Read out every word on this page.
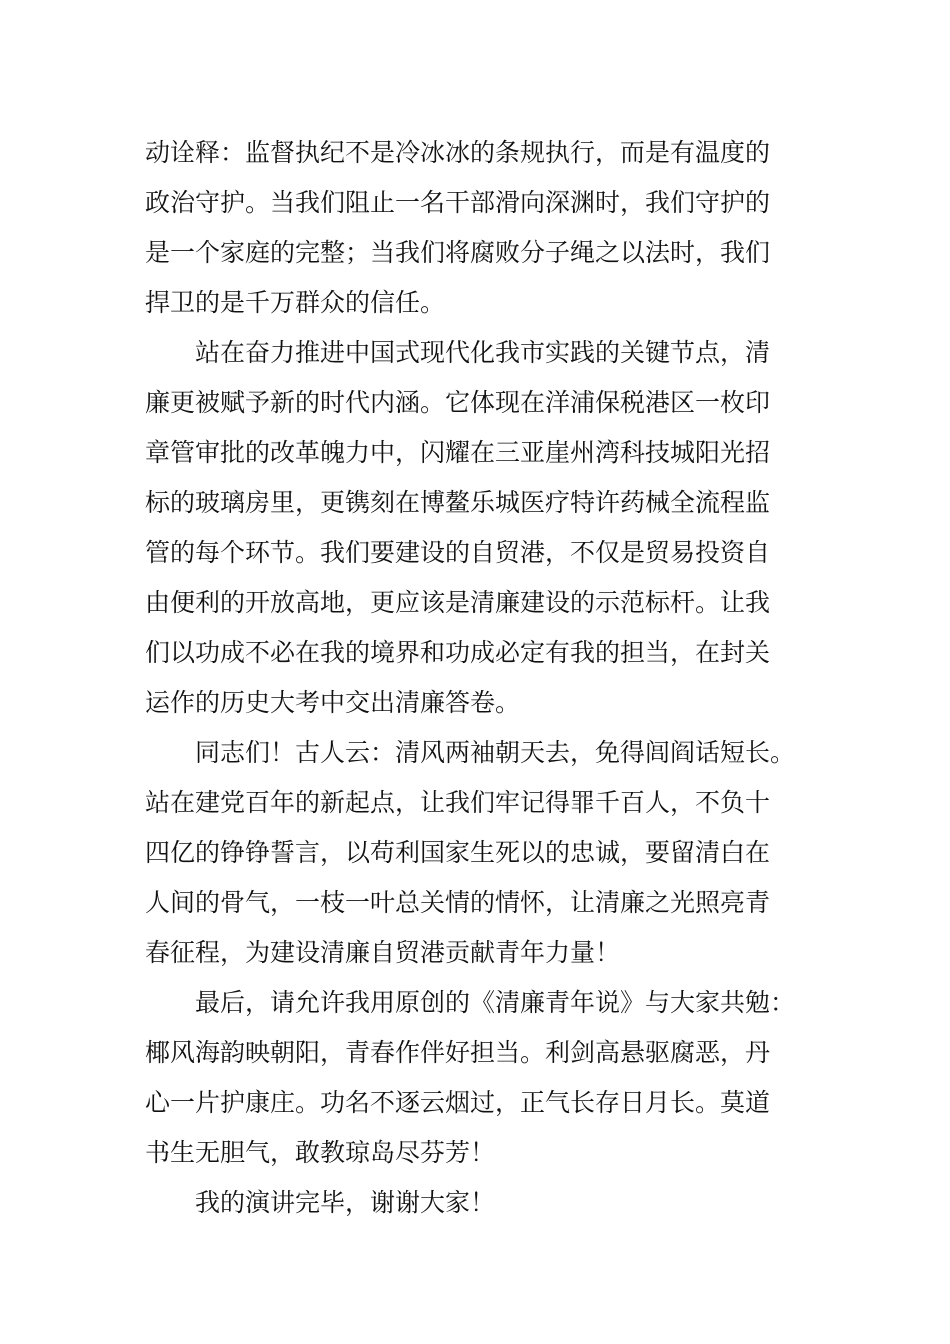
动诠释：监督执纪不是冷冰冰的条规执行，而是有温度的
政治守护。当我们阻止一名干部滑向深渊时，我们守护的
是一个家庭的完整；当我们将腐败分子绳之以法时，我们
捍卫的是千万群众的信任。

站在奋力推进中国式现代化我市实践的关键节点，清
廉更被赋予新的时代内涵。它体现在洋浦保税港区一枚印
章管审批的改革魄力中，闪耀在三亚崖州湾科技城阳光招
标的玻璃房里，更镌刻在博鳌乐城医疗特许药械全流程监
管的每个环节。我们要建设的自贸港，不仅是贸易投资自
由便利的开放高地，更应该是清廉建设的示范标杆。让我
们以功成不必在我的境界和功成必定有我的担当，在封关
运作的历史大考中交出清廉答卷。

同志们！古人云：清风两袖朝天去，免得闾阎话短长。
站在建党百年的新起点，让我们牢记得罪千百人，不负十
四亿的铮铮誓言，以苟利国家生死以的忠诚，要留清白在
人间的骨气，一枝一叶总关情的情怀，让清廉之光照亮青
春征程，为建设清廉自贸港贡献青年力量！

最后，请允许我用原创的《清廉青年说》与大家共勉：
椰风海韵映朝阳，青春作伴好担当。利剑高悬驱腐恶，丹
心一片护康庄。功名不逐云烟过，正气长存日月长。莫道
书生无胆气，敢教琼岛尽芬芳！

我的演讲完毕，谢谢大家！
